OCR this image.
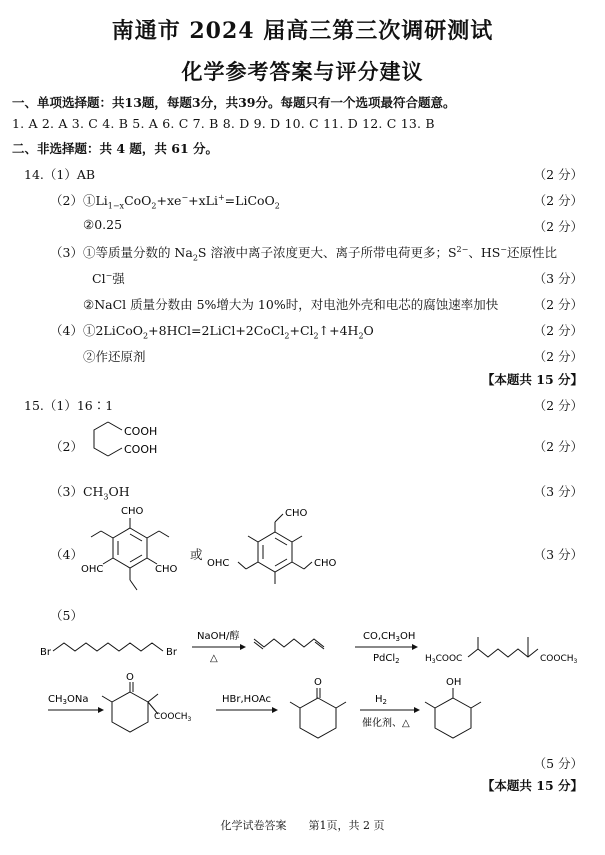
南通市 2024 届高三第三次调研测试
化学参考答案与评分建议
一、单项选择题：共13题，每题3分，共39分。每题只有一个选项最符合题意。
1. A 2. A 3. C 4. B 5. A 6. C 7. B 8. D 9. D 10. C 11. D 12. C 13. B
二、非选择题：共 4 题，共 61 分。
14.（1）AB	（2 分）
$(2)①Li_{1-x}CoO_2+xe^-+xLi^+=LiCoO_2$	（2 分）
②0.25	（2 分）
（3）①等质量分数的 $Na_2S$ 溶液中离子浓度更大、离子所带电荷更多；$S^{2-}$、HS−还原性比
Cl−强	（3 分）
②NaCl 质量分数由 5%增大为 10%时，对电池外壳和电芯的腐蚀速率加快	（2 分）
$(4)①2LiCoO_2+8HCl=2LiCl+2CoCl_2+Cl_2↑+4H_2O$	（2 分）
②作还原剂	（2 分）
【本题共 15 分】
15.（1）16∶1	（2 分）
（2）
COOH
COOH	（2 分）
$(3)CH_3OH$	（3 分）
（4）
CHO
CHO
OHC
或
CHO
CHO
OHC
（3 分）
（5）
Br	Br
NaOH/醇
△
$CO,CH_3OH$
PdCl$_2$	$H_3COOC$	$COOCH_3$
$CH_3ONa$
O
$COOCH_3$
HBr,HOAc
O
$H_2$
催化剂、△
OH
（5 分）
【本题共 15 分】
化学试卷答案　　第1页，共 2 页
